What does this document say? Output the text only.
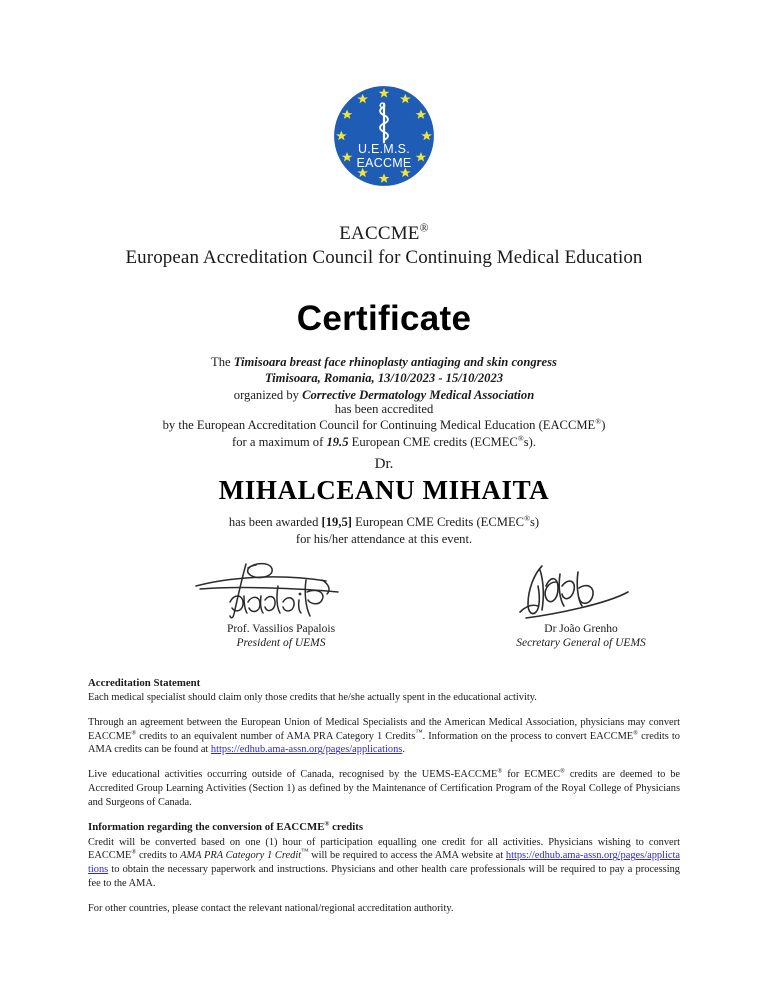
U.E.M.S.
EACCME
EACCME®
European Accreditation Council for Continuing Medical Education
Certificate
The Timisoara breast face rhinoplasty antiaging and skin congress
Timisoara, Romania, 13/10/2023 - 15/10/2023
organized by Corrective Dermatology Medical Association
has been accredited
by the European Accreditation Council for Continuing Medical Education (EACCME®)
for a maximum of 19.5 European CME credits (ECMEC®s).
Dr.
MIHALCEANU MIHAITA
has been awarded [19,5] European CME Credits (ECMEC®s)
for his/her attendance at this event.
Prof. Vassilios Papalois
President of UEMS
Dr João Grenho
Secretary General of UEMS

Accreditation Statement
Each medical specialist should claim only those credits that he/she actually spent in the educational activity.

Through an agreement between the European Union of Medical Specialists and the American Medical Association, physicians may convert EACCME® credits to an equivalent number of AMA PRA Category 1 Credits™. Information on the process to convert EACCME® credits to AMA credits can be found at https://edhub.ama-assn.org/pages/applications.

Live educational activities occurring outside of Canada, recognised by the UEMS-EACCME® for ECMEC® credits are deemed to be Accredited Group Learning Activities (Section 1) as defined by the Maintenance of Certification Program of the Royal College of Physicians and Surgeons of Canada.

Information regarding the conversion of EACCME® credits
Credit will be converted based on one (1) hour of participation equalling one credit for all activities. Physicians wishing to convert EACCME® credits to AMA PRA Category 1 Credit™ will be required to access the AMA website at https://edhub.ama-assn.org/pages/applictations to obtain the necessary paperwork and instructions. Physicians and other health care professionals will be required to pay a processing fee to the AMA.

For other countries, please contact the relevant national/regional accreditation authority.
